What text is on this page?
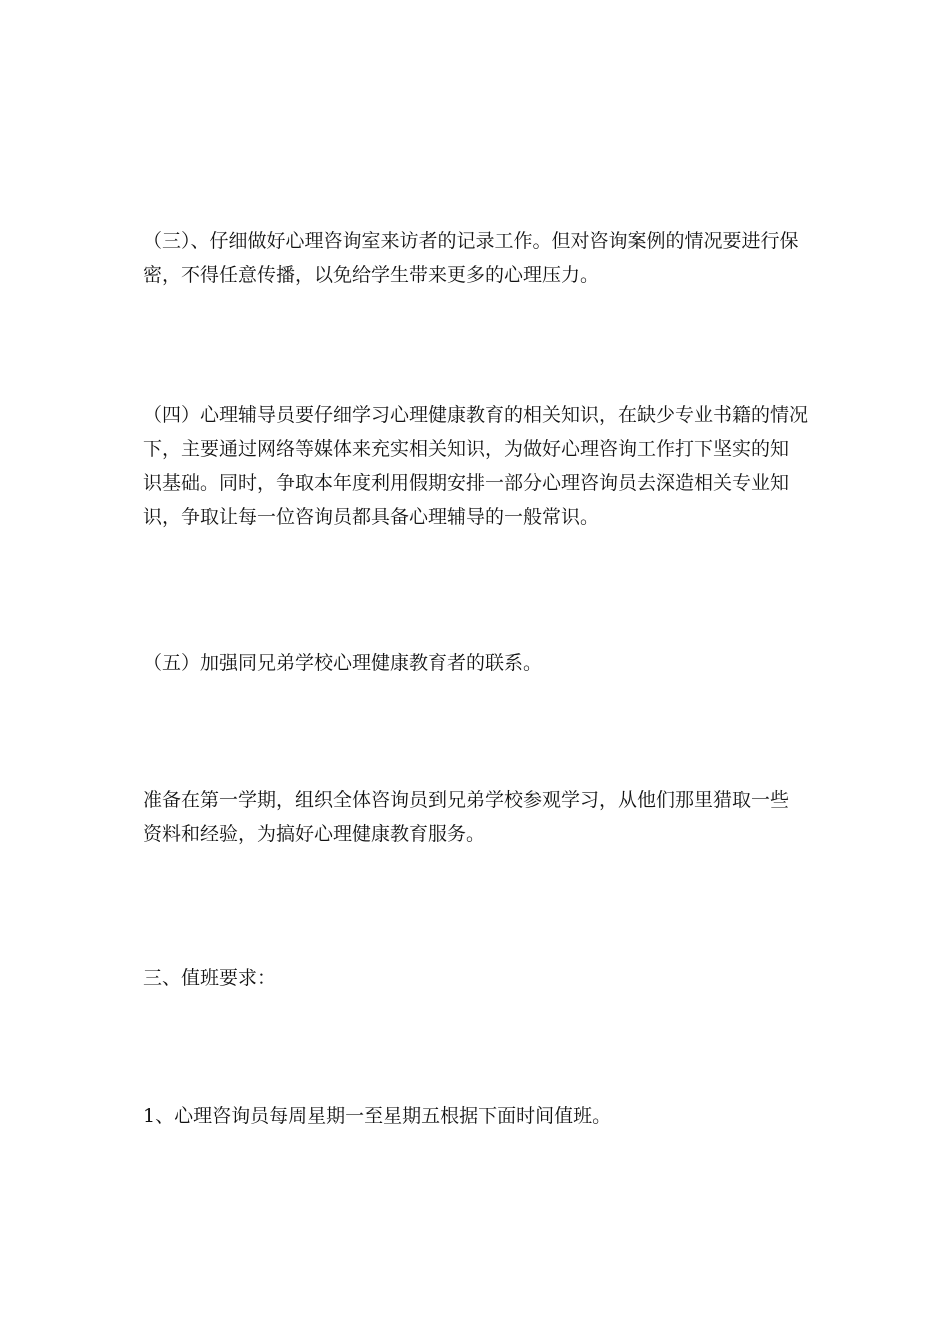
（三）、仔细做好心理咨询室来访者的记录工作。但对咨询案例的情况要进行保
密，不得任意传播，以免给学生带来更多的心理压力。

（四）心理辅导员要仔细学习心理健康教育的相关知识，在缺少专业书籍的情况
下，主要通过网络等媒体来充实相关知识，为做好心理咨询工作打下坚实的知
识基础。同时，争取本年度利用假期安排一部分心理咨询员去深造相关专业知
识，争取让每一位咨询员都具备心理辅导的一般常识。

（五）加强同兄弟学校心理健康教育者的联系。

准备在第一学期，组织全体咨询员到兄弟学校参观学习，从他们那里猎取一些
资料和经验，为搞好心理健康教育服务。

三、值班要求：

1、心理咨询员每周星期一至星期五根据下面时间值班。
